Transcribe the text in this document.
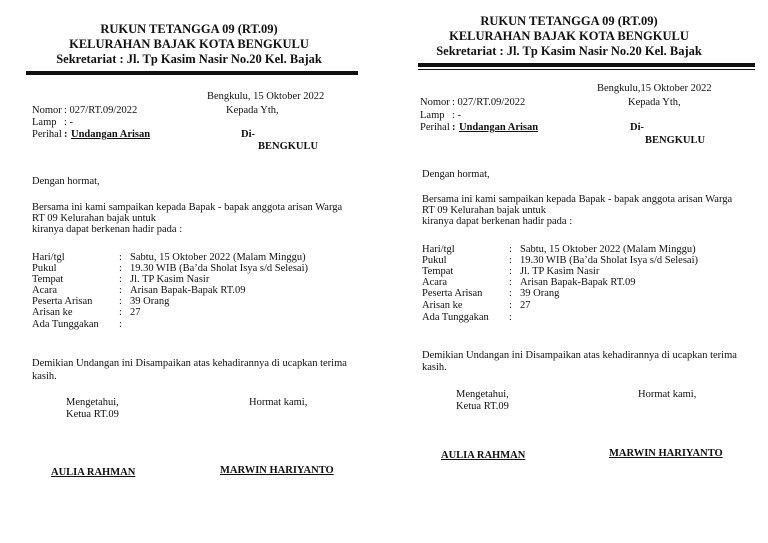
RUKUN TETANGGA 09 (RT.09)
KELURAHAN BAJAK KOTA BENGKULU
Sekretariat : Jl. Tp Kasim Nasir No.20 Kel. Bajak
Bengkulu, 15 Oktober 2022
Nomor : 027/RT.09/2022	Kepada Yth,
Lamp : -
Perihal : Undangan Arisan	Di-
BENGKULU
Dengan hormat,
Bersama ini kami sampaikan kepada Bapak - bapak anggota arisan Warga
RT 09 Kelurahan bajak untuk
kiranya dapat berkenan hadir pada :
Hari/tgl	: Sabtu, 15 Oktober 2022 (Malam Minggu)
Pukul	: 19.30 WIB (Ba’da Sholat Isya s/d Selesai)
Tempat	: Jl. TP Kasim Nasir
Acara	: Arisan Bapak-Bapak RT.09
Peserta Arisan	: 39 Orang
Arisan ke	: 27
Ada Tunggakan :
Demikian Undangan ini Disampaikan atas kehadirannya di ucapkan terima
kasih.
Mengetahui,
Ketua RT.09
Hormat kami,
AULIA RAHMAN	MARWIN HARIYANTO
RUKUN TETANGGA 09 (RT.09)
KELURAHAN BAJAK KOTA BENGKULU
Sekretariat : Jl. Tp Kasim Nasir No.20 Kel. Bajak
Bengkulu,15 Oktober 2022
Nomor : 027/RT.09/2022	Kepada Yth,
Lamp : -
Perihal : Undangan Arisan	Di-
BENGKULU
Dengan hormat,
Bersama ini kami sampaikan kepada Bapak - bapak anggota arisan Warga
RT 09 Kelurahan bajak untuk
kiranya dapat berkenan hadir pada :
Hari/tgl	: Sabtu, 15 Oktober 2022 (Malam Minggu)
Pukul	: 19.30 WIB (Ba’da Sholat Isya s/d Selesai)
Tempat	: Jl. TP Kasim Nasir
Acara	: Arisan Bapak-Bapak RT.09
Peserta Arisan	: 39 Orang
Arisan ke	: 27
Ada Tunggakan :
Demikian Undangan ini Disampaikan atas kehadirannya di ucapkan terima
kasih.
Mengetahui,
Ketua RT.09
Hormat kami,
AULIA RAHMAN	MARWIN HARIYANTO
